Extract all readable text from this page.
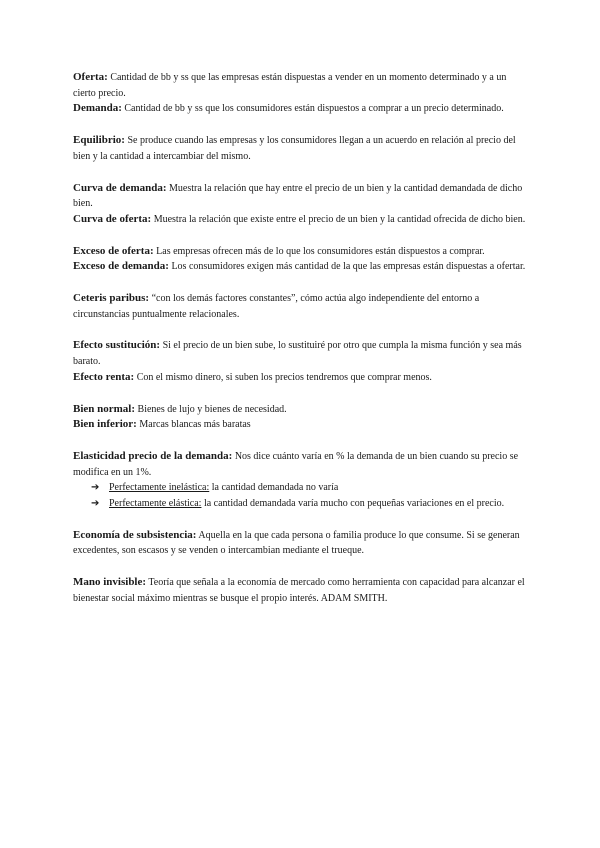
Oferta: Cantidad de bb y ss que las empresas están dispuestas a vender en un momento determinado y a un cierto precio.

Demanda: Cantidad de bb y ss que los consumidores están dispuestos a comprar a un precio determinado.

Equilibrio: Se produce cuando las empresas y los consumidores llegan a un acuerdo en relación al precio del bien y la cantidad a intercambiar del mismo.

Curva de demanda: Muestra la relación que hay entre el precio de un bien y la cantidad demandada de dicho bien.

Curva de oferta: Muestra la relación que existe entre el precio de un bien y la cantidad ofrecida de dicho bien.

Exceso de oferta: Las empresas ofrecen más de lo que los consumidores están dispuestos a comprar.

Exceso de demanda: Los consumidores exigen más cantidad de la que las empresas están dispuestas a ofertar.

Ceteris paribus: “con los demás factores constantes”, cómo actúa algo independiente del entorno a circunstancias puntualmente relacionales.

Efecto sustitución: Si el precio de un bien sube, lo sustituiré por otro que cumpla la misma función y sea más barato.

Efecto renta: Con el mismo dinero, si suben los precios tendremos que comprar menos.

Bien normal: Bienes de lujo y bienes de necesidad.

Bien inferior: Marcas blancas más baratas

Elasticidad precio de la demanda: Nos dice cuánto varía en % la demanda de un bien cuando su precio se modifica en un 1%.

➔ Perfectamente inelástica: la cantidad demandada no varía
➔ Perfectamente elástica: la cantidad demandada varía mucho con pequeñas variaciones en el precio.

Economía de subsistencia: Aquella en la que cada persona o familia produce lo que consume. Si se generan excedentes, son escasos y se venden o intercambian mediante el trueque.

Mano invisible: Teoría que señala a la economía de mercado como herramienta con capacidad para alcanzar el bienestar social máximo mientras se busque el propio interés. ADAM SMITH.
